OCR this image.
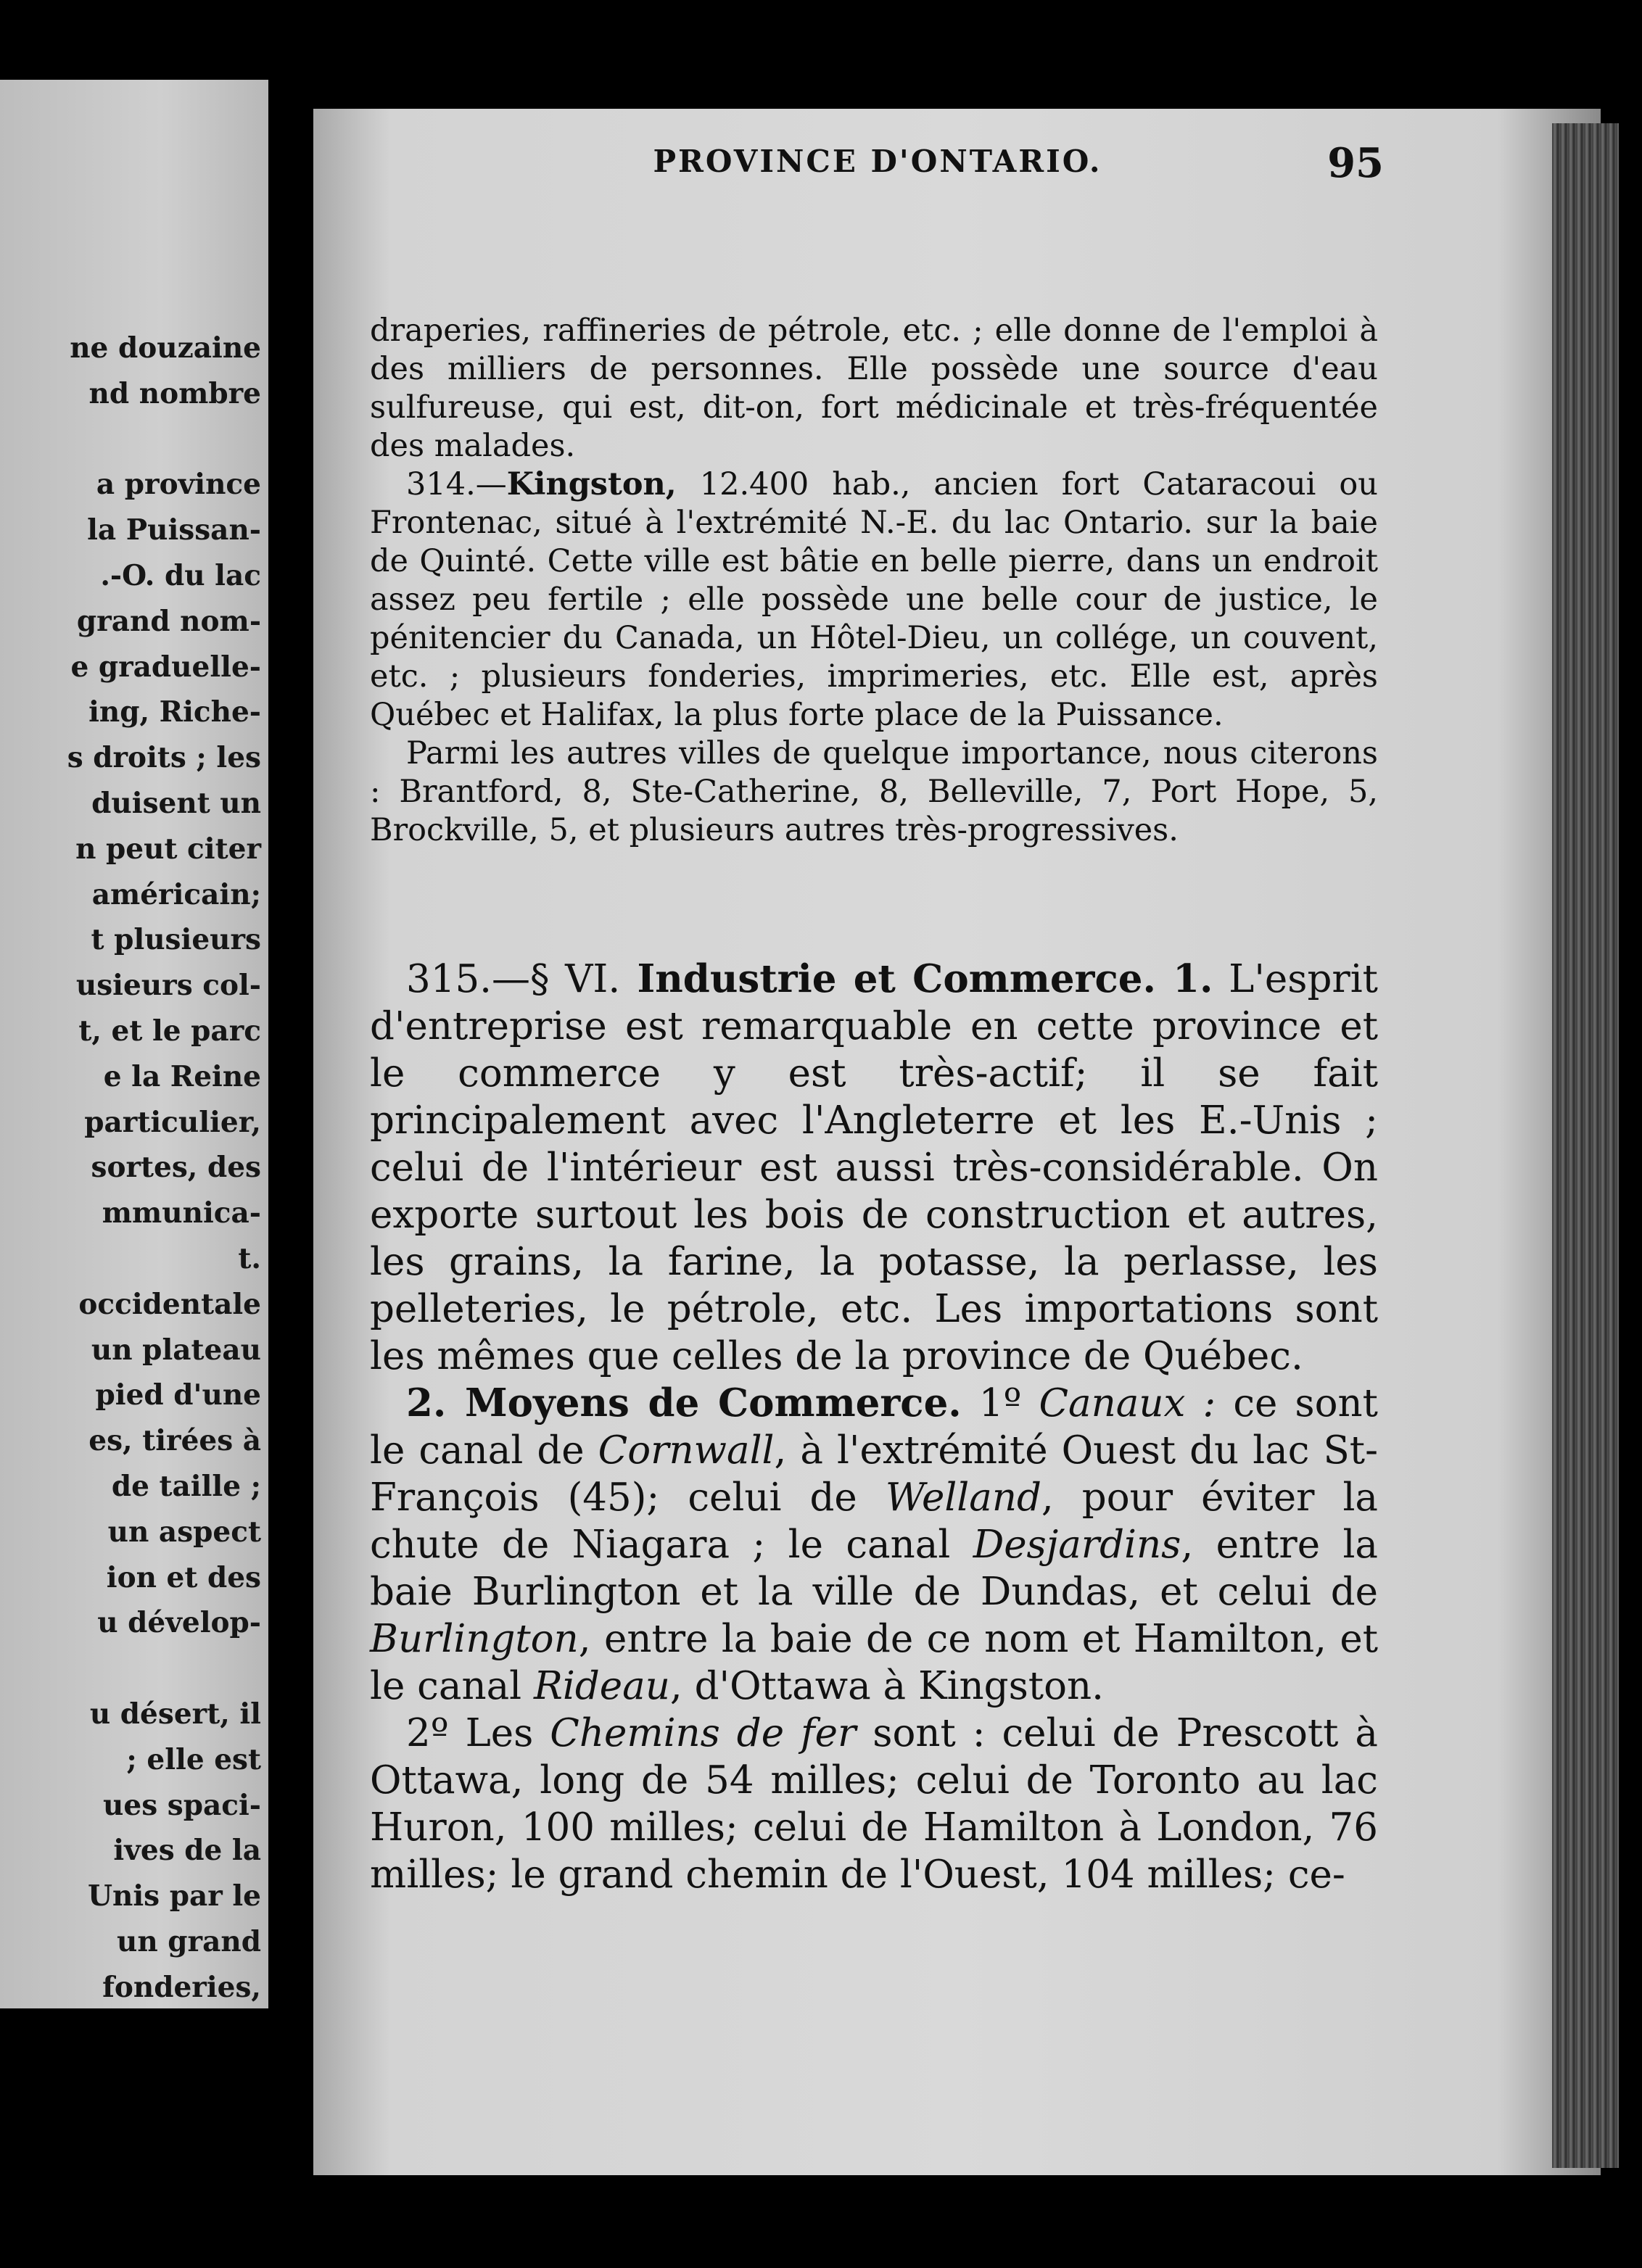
ne douzaine

nd nombre

a province

la Puissan-

.-O. du lac

grand nom-

e graduelle-

ing, Riche-

s droits ; les

duisent un

n peut citer

américain;

t plusieurs

usieurs col-

t, et le parc

e la Reine

particulier,

sortes, des

mmunica-

t.

occidentale

un plateau

pied d'une

es, tirées à

de taille ;

un aspect

ion et des

u dévelop-

u désert, il

; elle est

ues spaci-

ives de la

Unis par le

un grand

fonderies,

PROVINCE D'ONTARIO.	95

draperies, raffineries de pétrole, etc. ; elle donne de l'emploi à des milliers de personnes. Elle possède une source d'eau sulfureuse, qui est, dit-on, fort médicinale et très-fréquentée des malades.

314.—Kingston, 12.400 hab., ancien fort Cataracoui ou Frontenac, situé à l'extrémité N.-E. du lac Ontario. sur la baie de Quinté. Cette ville est bâtie en belle pierre, dans un endroit assez peu fertile ; elle possède une belle cour de justice, le pénitencier du Canada, un Hôtel-Dieu, un collége, un couvent, etc. ; plusieurs fonderies, imprimeries, etc. Elle est, après Québec et Halifax, la plus forte place de la Puissance.

Parmi les autres villes de quelque importance, nous citerons : Brantford, 8, Ste-Catherine, 8, Belleville, 7, Port Hope, 5, Brockville, 5, et plusieurs autres très-progressives.

315.—§ VI. Industrie et Commerce. 1. L'esprit d'entreprise est remarquable en cette province et le commerce y est très-actif; il se fait principalement avec l'Angleterre et les E.-Unis ; celui de l'intérieur est aussi très-considérable. On exporte surtout les bois de construction et autres, les grains, la farine, la potasse, la perlasse, les pelleteries, le pétrole, etc. Les importations sont les mêmes que celles de la province de Québec.

2. Moyens de Commerce. 1º Canaux : ce sont le canal de Cornwall, à l'extrémité Ouest du lac St-François (45); celui de Welland, pour éviter la chute de Niagara ; le canal Desjardins, entre la baie Burlington et la ville de Dundas, et celui de Burlington, entre la baie de ce nom et Hamilton, et le canal Rideau, d'Ottawa à Kingston.

2º Les Chemins de fer sont : celui de Prescott à Ottawa, long de 54 milles; celui de Toronto au lac Huron, 100 milles; celui de Hamilton à London, 76 milles; le grand chemin de l'Ouest, 104 milles; ce-
